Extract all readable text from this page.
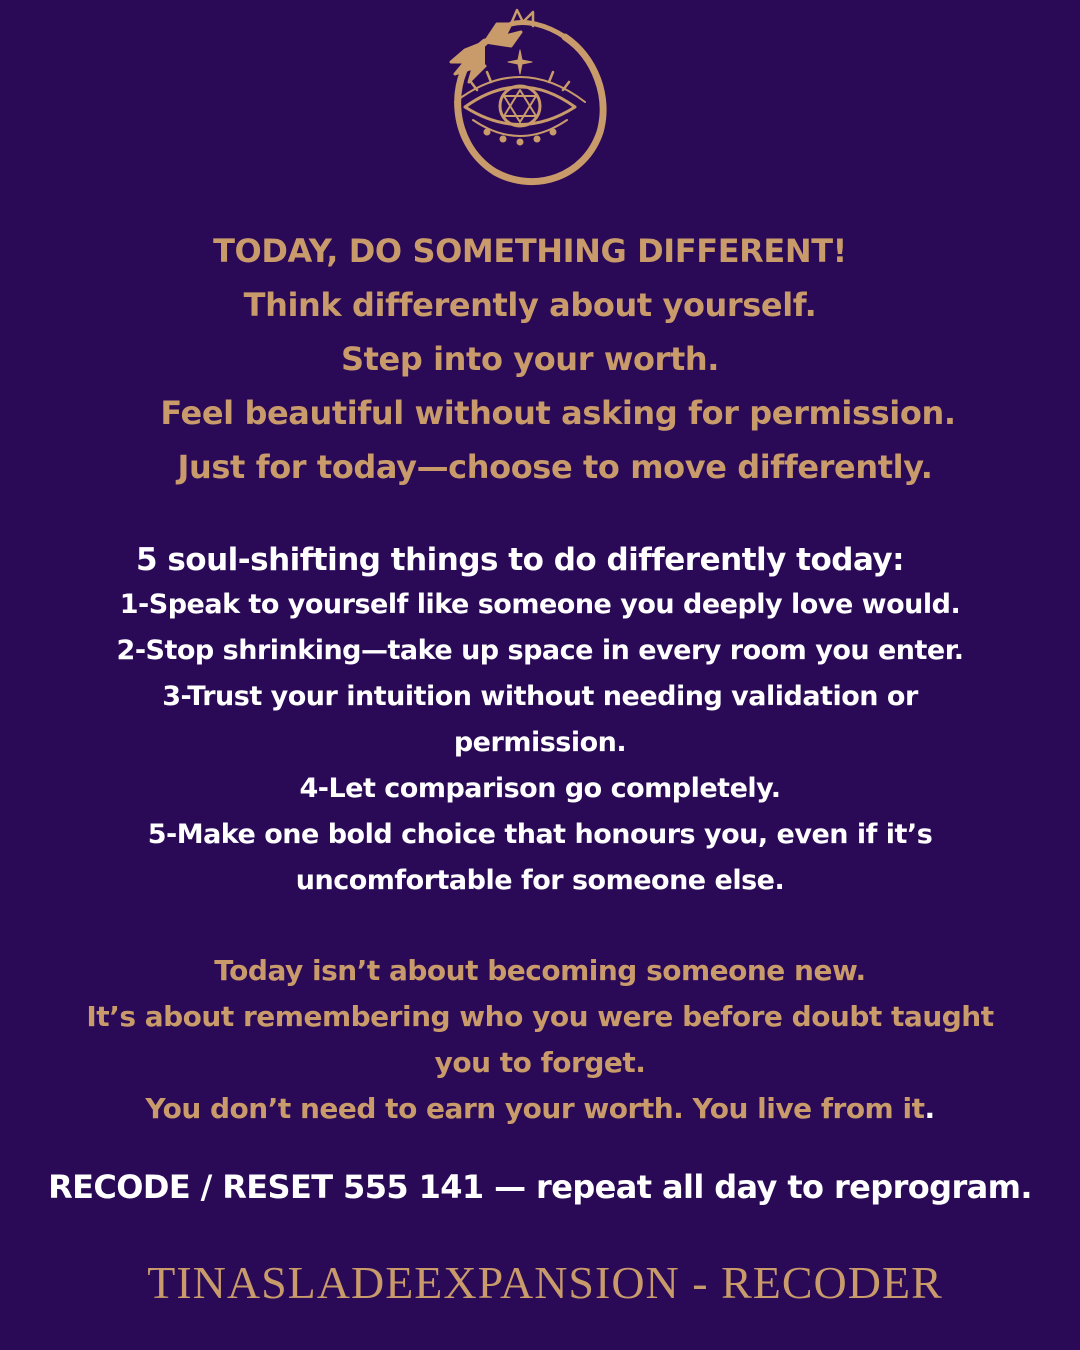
TODAY, DO SOMETHING DIFFERENT!
Think differently about yourself.
Step into your worth.
Feel beautiful without asking for permission.
Just for today—choose to move differently.
5 soul-shifting things to do differently today:
1-Speak to yourself like someone you deeply love would.
2-Stop shrinking—take up space in every room you enter.
3-Trust your intuition without needing validation or
permission.
4-Let comparison go completely.
5-Make one bold choice that honours you, even if it’s
uncomfortable for someone else.
Today isn’t about becoming someone new.
It’s about remembering who you were before doubt taught
you to forget.
You don’t need to earn your worth. You live from it.
RECODE / RESET 555 141 — repeat all day to reprogram.
TINASLADEEXPANSION - RECODER
